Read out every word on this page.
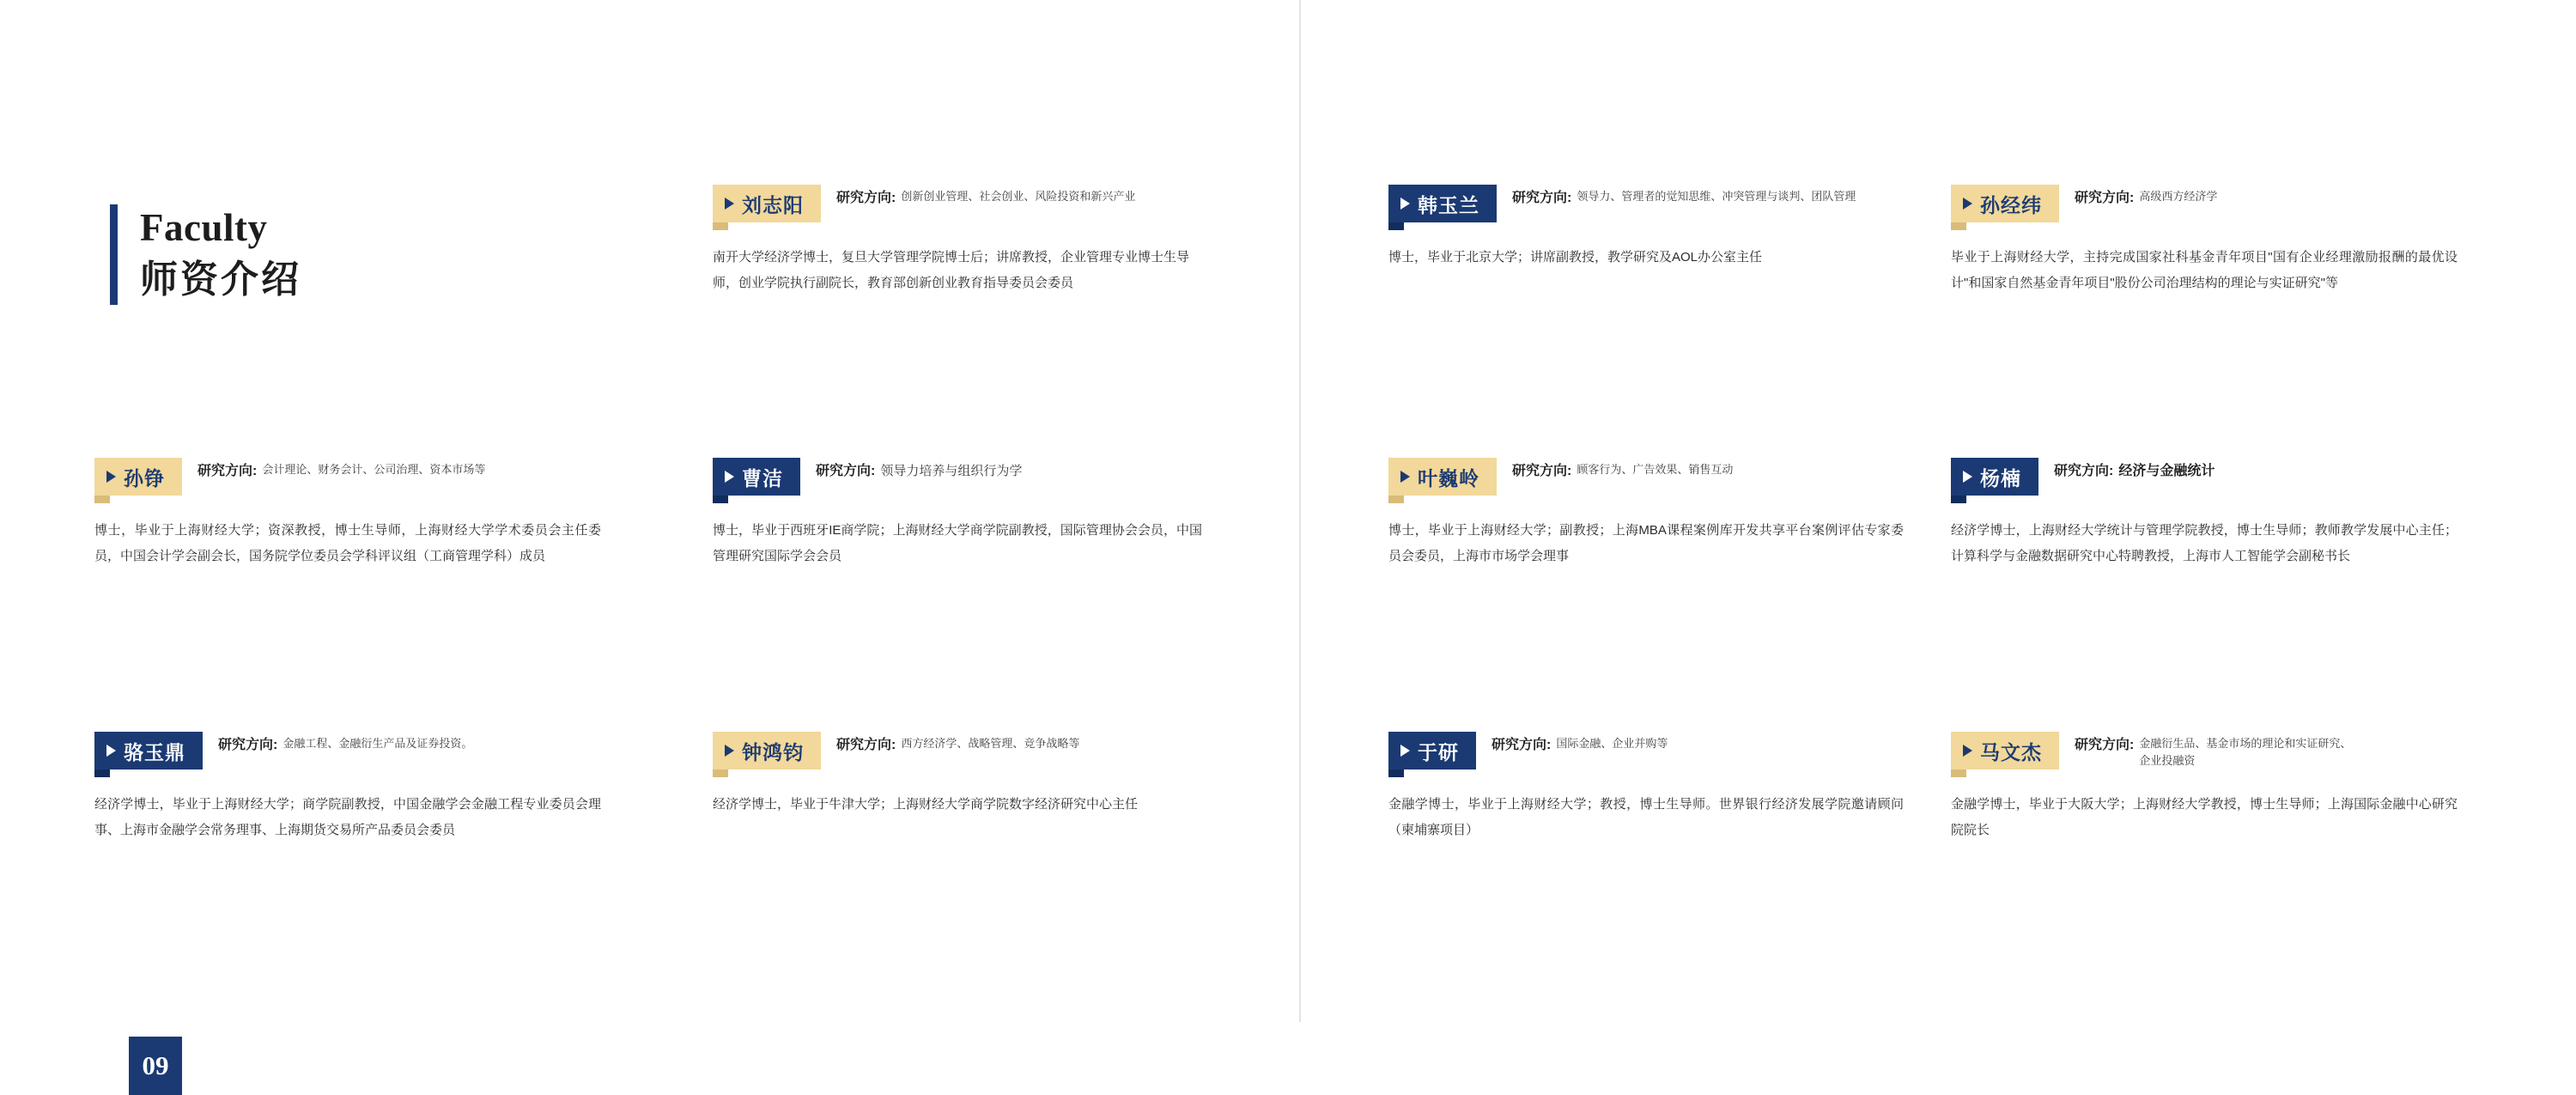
Faculty
师资介绍
刘志阳 研究方向: 创新创业管理、社会创业、风险投资和新兴产业
南开大学经济学博士，复旦大学管理学院博士后；讲席教授，企业管理专业博士生导师，创业学院执行副院长，教育部创新创业教育指导委员会委员
韩玉兰 研究方向: 领导力、管理者的觉知思维、冲突管理与谈判、团队管理
博士，毕业于北京大学；讲席副教授，教学研究及AOL办公室主任
孙经纬 研究方向: 高级西方经济学
毕业于上海财经大学，主持完成国家社科基金青年项目"国有企业经理激励报酬的最优设计"和国家自然基金青年项目"股份公司治理结构的理论与实证研究"等
孙铮 研究方向: 会计理论、财务会计、公司治理、资本市场等
博士，毕业于上海财经大学；资深教授，博士生导师，上海财经大学学术委员会主任委员，中国会计学会副会长，国务院学位委员会学科评议组（工商管理学科）成员
曹洁 研究方向: 领导力培养与组织行为学
博士，毕业于西班牙IE商学院；上海财经大学商学院副教授，国际管理协会会员，中国管理研究国际学会会员
叶巍岭 研究方向: 顾客行为、广告效果、销售互动
博士，毕业于上海财经大学；副教授；上海MBA课程案例库开发共享平台案例评估专家委员会委员，上海市市场学会理事
杨楠 研究方向: 经济与金融统计
经济学博士，上海财经大学统计与管理学院教授，博士生导师；教师教学发展中心主任；计算科学与金融数据研究中心特聘教授，上海市人工智能学会副秘书长
骆玉鼎 研究方向: 金融工程、金融衍生产品及证券投资。
经济学博士，毕业于上海财经大学；商学院副教授，中国金融学会金融工程专业委员会理事、上海市金融学会常务理事、上海期货交易所产品委员会委员
钟鸿钧 研究方向: 西方经济学、战略管理、竞争战略等
经济学博士，毕业于牛津大学；上海财经大学商学院数字经济研究中心主任
于研 研究方向: 国际金融、企业并购等
金融学博士，毕业于上海财经大学；教授，博士生导师。世界银行经济发展学院邀请顾问（柬埔寨项目）
马文杰 研究方向: 金融衍生品、基金市场的理论和实证研究、企业投融资
金融学博士，毕业于大阪大学；上海财经大学教授，博士生导师；上海国际金融中心研究院院长
09
